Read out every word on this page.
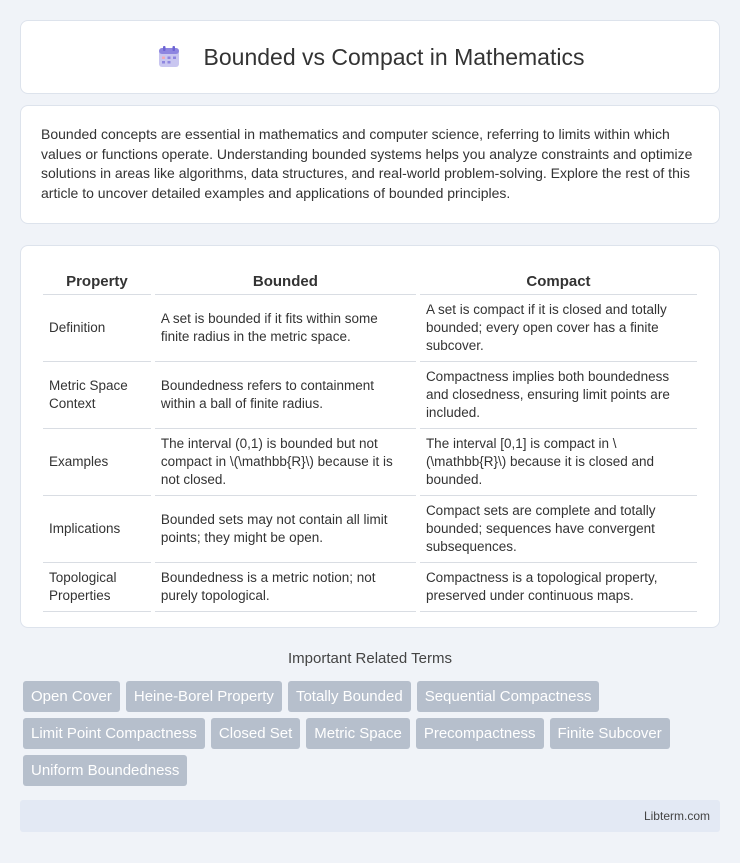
Bounded vs Compact in Mathematics

Bounded concepts are essential in mathematics and computer science, referring to limits within which values or functions operate. Understanding bounded systems helps you analyze constraints and optimize solutions in areas like algorithms, data structures, and real-world problem-solving. Explore the rest of this article to uncover detailed examples and applications of bounded principles.

Property	Bounded	Compact
Definition	A set is bounded if it fits within some finite radius in the metric space.	A set is compact if it is closed and totally bounded; every open cover has a finite subcover.
Metric Space Context	Boundedness refers to containment within a ball of finite radius.	Compactness implies both boundedness and closedness, ensuring limit points are included.
Examples	The interval (0,1) is bounded but not compact in \(\mathbb{R}\) because it is not closed.	The interval [0,1] is compact in \(\mathbb{R}\) because it is closed and bounded.
Implications	Bounded sets may not contain all limit points; they might be open.	Compact sets are complete and totally bounded; sequences have convergent subsequences.
Topological Properties	Boundedness is a metric notion; not purely topological.	Compactness is a topological property, preserved under continuous maps.
Important Related Terms
Open Cover	Heine-Borel Property	Totally Bounded	Sequential Compactness
Limit Point Compactness	Closed Set	Metric Space	Precompactness	Finite Subcover
Uniform Boundedness
Libterm.com
